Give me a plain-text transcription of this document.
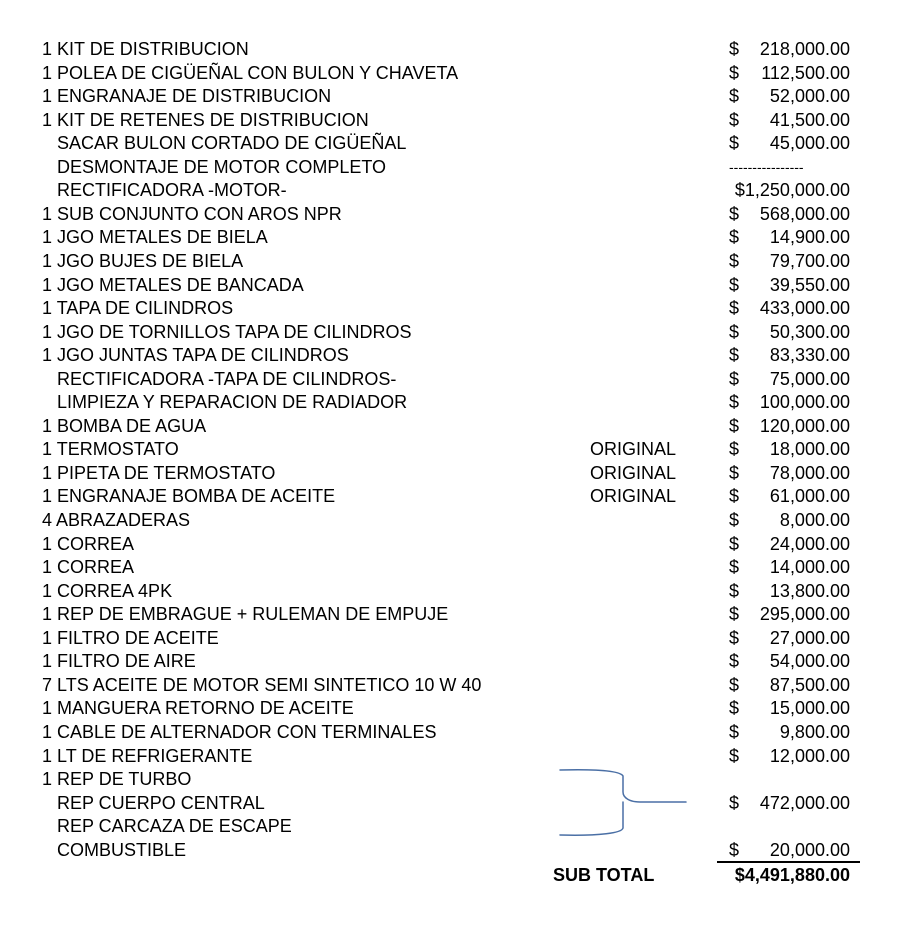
1 KIT DE DISTRIBUCION	$ 218,000.00
1 POLEA DE CIGÜEÑAL CON BULON Y CHAVETA	$ 112,500.00
1 ENGRANAJE DE DISTRIBUCION	$ 52,000.00
1 KIT DE RETENES DE DISTRIBUCION	$ 41,500.00
SACAR BULON CORTADO DE CIGÜEÑAL	$ 45,000.00
DESMONTAJE DE MOTOR COMPLETO	----------------
RECTIFICADORA -MOTOR-	$1,250,000.00
1 SUB CONJUNTO CON AROS NPR	$ 568,000.00
1 JGO METALES DE BIELA	$ 14,900.00
1 JGO BUJES DE BIELA	$ 79,700.00
1 JGO METALES DE BANCADA	$ 39,550.00
1 TAPA DE CILINDROS	$ 433,000.00
1 JGO DE TORNILLOS TAPA DE CILINDROS	$ 50,300.00
1 JGO JUNTAS TAPA DE CILINDROS	$ 83,330.00
RECTIFICADORA -TAPA DE CILINDROS-	$ 75,000.00
LIMPIEZA Y REPARACION DE RADIADOR	$ 100,000.00
1 BOMBA DE AGUA	$ 120,000.00
1 TERMOSTATO	ORIGINAL	$ 18,000.00
1 PIPETA DE TERMOSTATO	ORIGINAL	$ 78,000.00
1 ENGRANAJE BOMBA DE ACEITE	ORIGINAL	$ 61,000.00
4 ABRAZADERAS	$ 8,000.00
1 CORREA	$ 24,000.00
1 CORREA	$ 14,000.00
1 CORREA 4PK	$ 13,800.00
1 REP DE EMBRAGUE + RULEMAN DE EMPUJE	$ 295,000.00
1 FILTRO DE ACEITE	$ 27,000.00
1 FILTRO DE AIRE	$ 54,000.00
7 LTS ACEITE DE MOTOR SEMI SINTETICO 10 W 40	$ 87,500.00
1 MANGUERA RETORNO DE ACEITE	$ 15,000.00
1 CABLE DE ALTERNADOR CON TERMINALES	$ 9,800.00
1 LT DE REFRIGERANTE	$ 12,000.00
1 REP DE TURBO
REP CUERPO CENTRAL	$ 472,000.00
REP CARCAZA DE ESCAPE
COMBUSTIBLE	$ 20,000.00
SUB TOTAL	$4,491,880.00
